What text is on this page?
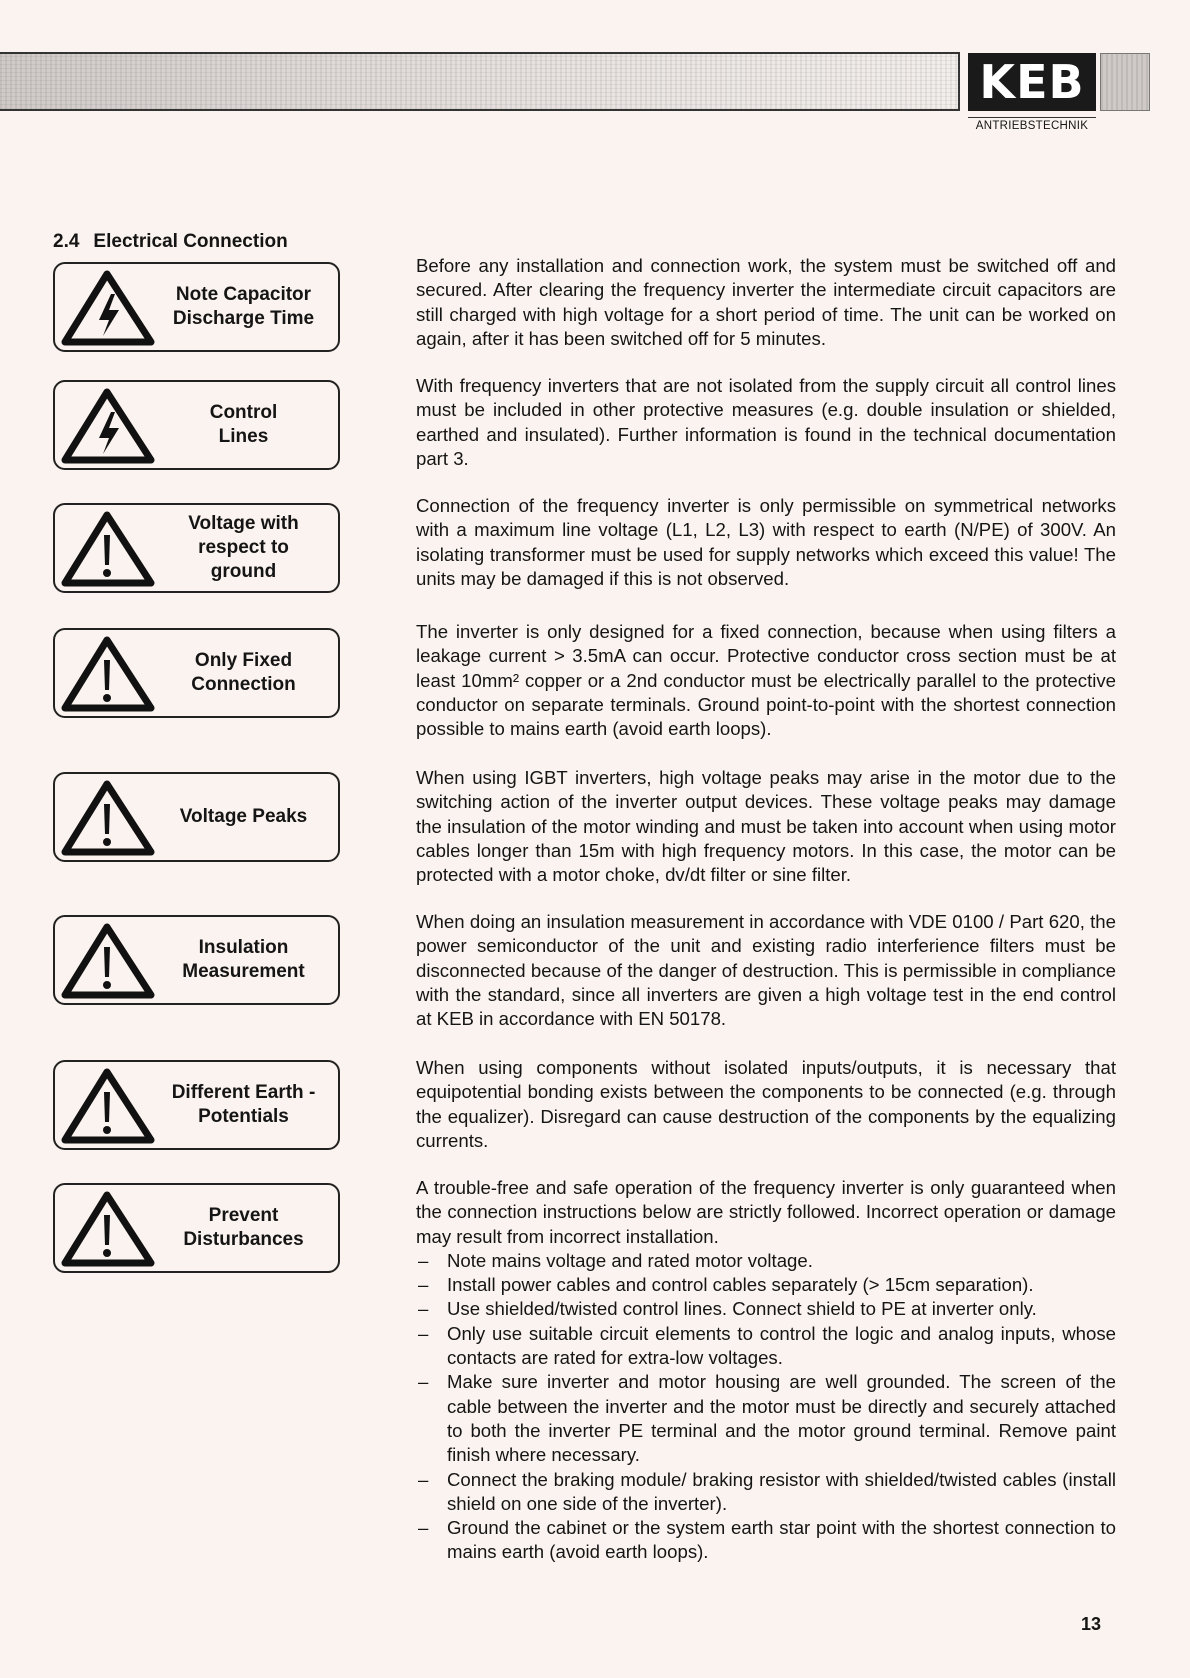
KEB
ANTRIEBSTECHNIK
2.4 Electrical Connection
Note Capacitor
Discharge Time
Control
Lines
Voltage with
respect to
ground
Only Fixed
Connection
Voltage Peaks
Insulation
Measurement
Different Earth -
Potentials
Prevent
Disturbances

Before any installation and connection work, the system must be switched off and secured. After clearing the frequency inverter the intermediate circuit capacitors are still charged with high voltage for a short period of time. The unit can be worked on again, after it has been switched off for 5 minutes.

With frequency inverters that are not isolated from the supply circuit all control lines must be included in other protective measures (e.g. double insulation or shielded, earthed and insulated). Further information is found in the technical documentation part 3.

Connection of the frequency inverter is only permissible on symmetrical networks with a maximum line voltage (L1, L2, L3) with respect to earth (N/PE) of 300V. An isolating transformer must be used for supply networks which exceed this value! The units may be damaged if this is not observed.

The inverter is only designed for a fixed connection, because when using filters a leakage current > 3.5mA can occur. Protective conductor cross section must be at least 10mm² copper or a 2nd conductor must be electrically parallel to the protective conductor on separate terminals. Ground point-to-point with the shortest connection possible to mains earth (avoid earth loops).

When using IGBT inverters, high voltage peaks may arise in the motor due to the switching action of the inverter output devices. These voltage peaks may damage the insulation of the motor winding and must be taken into account when using motor cables longer than 15m with high frequency motors. In this case, the motor can be protected with a motor choke, dv/dt filter or sine filter.

When doing an insulation measurement in accordance with VDE 0100 / Part 620, the power semiconductor of the unit and existing radio interferience filters must be disconnected because of the danger of destruction. This is permissible in compliance with the standard, since all inverters are given a high voltage test in the end control at KEB in accordance with EN 50178.

When using components without isolated inputs/outputs, it is necessary that equipotential bonding exists between the components to be connected (e.g. through the equalizer). Disregard can cause destruction of the components by the equalizing currents.

A trouble-free and safe operation of the frequency inverter is only guaranteed when the connection instructions below are strictly followed. Incorrect operation or damage may result from incorrect installation.
– Note mains voltage and rated motor voltage.
– Install power cables and control cables separately (> 15cm separation).
– Use shielded/twisted control lines. Connect shield to PE at inverter only.
– Only use suitable circuit elements to control the logic and analog inputs, whose contacts are rated for extra-low voltages.
– Make sure inverter and motor housing are well grounded. The screen of the cable between the inverter and the motor must be directly and securely attached to both the inverter PE terminal and the motor ground terminal. Remove paint finish where necessary.
– Connect the braking module/ braking resistor with shielded/twisted cables (install shield on one side of the inverter).
– Ground the cabinet or the system earth star point with the shortest connection to mains earth (avoid earth loops).
13
